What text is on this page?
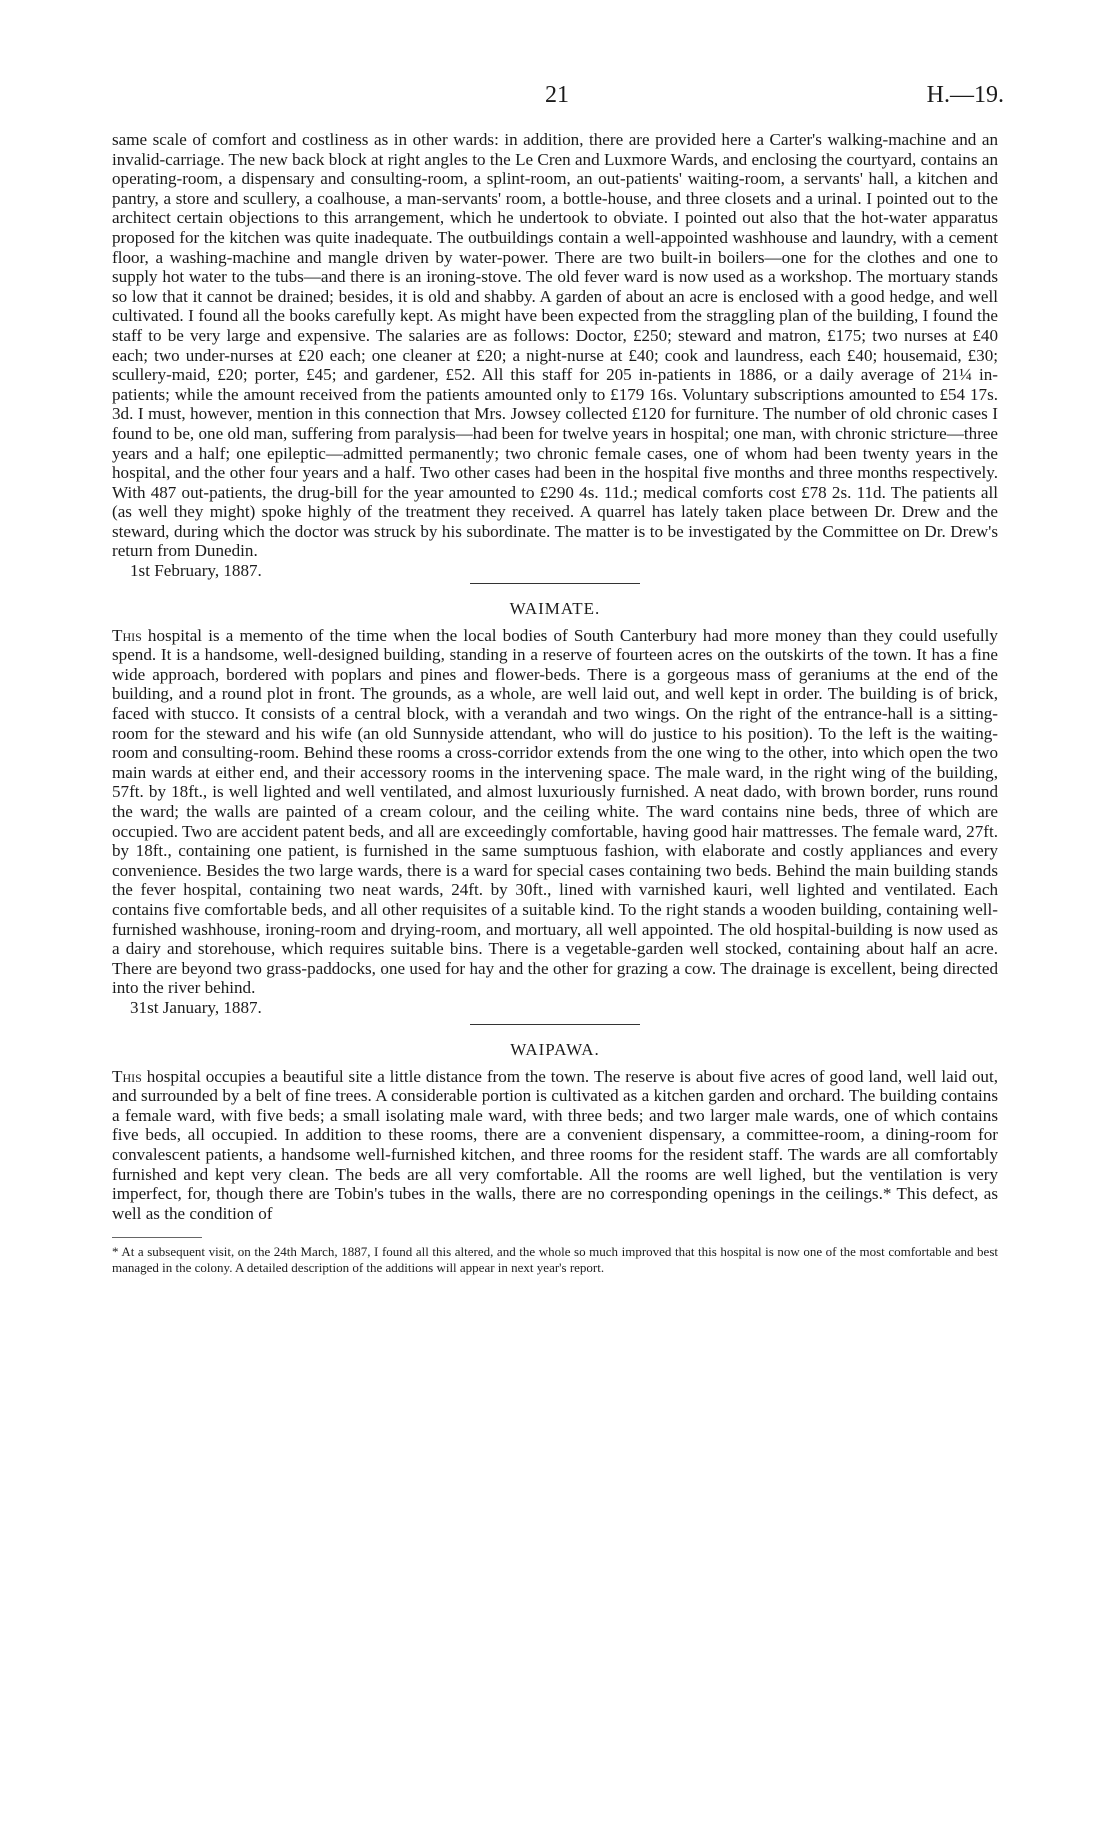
21	H.—19.

same scale of comfort and costliness as in other wards: in addition, there are provided here a Carter's walking-machine and an invalid-carriage. The new back block at right angles to the Le Cren and Luxmore Wards, and enclosing the courtyard, contains an operating-room, a dispensary and consulting-room, a splint-room, an out-patients' waiting-room, a servants' hall, a kitchen and pantry, a store and scullery, a coalhouse, a man-servants' room, a bottle-house, and three closets and a urinal. I pointed out to the architect certain objections to this arrangement, which he undertook to obviate. I pointed out also that the hot-water apparatus proposed for the kitchen was quite inadequate. The outbuildings contain a well-appointed washhouse and laundry, with a cement floor, a washing-machine and mangle driven by water-power. There are two built-in boilers—one for the clothes and one to supply hot water to the tubs—and there is an ironing-stove. The old fever ward is now used as a workshop. The mortuary stands so low that it cannot be drained; besides, it is old and shabby. A garden of about an acre is enclosed with a good hedge, and well cultivated. I found all the books carefully kept. As might have been expected from the straggling plan of the building, I found the staff to be very large and expensive. The salaries are as follows: Doctor, £250; steward and matron, £175; two nurses at £40 each; two under-nurses at £20 each; one cleaner at £20; a night-nurse at £40; cook and laundress, each £40; housemaid, £30; scullery-maid, £20; porter, £45; and gardener, £52. All this staff for 205 in-patients in 1886, or a daily average of 21¼ in-patients; while the amount received from the patients amounted only to £179 16s. Voluntary subscriptions amounted to £54 17s. 3d. I must, however, mention in this connection that Mrs. Jowsey collected £120 for furniture. The number of old chronic cases I found to be, one old man, suffering from paralysis—had been for twelve years in hospital; one man, with chronic stricture—three years and a half; one epileptic—admitted permanently; two chronic female cases, one of whom had been twenty years in the hospital, and the other four years and a half. Two other cases had been in the hospital five months and three months respectively. With 487 out-patients, the drug-bill for the year amounted to £290 4s. 11d.; medical comforts cost £78 2s. 11d. The patients all (as well they might) spoke highly of the treatment they received. A quarrel has lately taken place between Dr. Drew and the steward, during which the doctor was struck by his subordinate. The matter is to be investigated by the Committee on Dr. Drew's return from Dunedin.

1st February, 1887.

WAIMATE.

This hospital is a memento of the time when the local bodies of South Canterbury had more money than they could usefully spend. It is a handsome, well-designed building, standing in a reserve of fourteen acres on the outskirts of the town. It has a fine wide approach, bordered with poplars and pines and flower-beds. There is a gorgeous mass of geraniums at the end of the building, and a round plot in front. The grounds, as a whole, are well laid out, and well kept in order. The building is of brick, faced with stucco. It consists of a central block, with a verandah and two wings. On the right of the entrance-hall is a sitting-room for the steward and his wife (an old Sunnyside attendant, who will do justice to his position). To the left is the waiting-room and consulting-room. Behind these rooms a cross-corridor extends from the one wing to the other, into which open the two main wards at either end, and their accessory rooms in the intervening space. The male ward, in the right wing of the building, 57ft. by 18ft., is well lighted and well ventilated, and almost luxuriously furnished. A neat dado, with brown border, runs round the ward; the walls are painted of a cream colour, and the ceiling white. The ward contains nine beds, three of which are occupied. Two are accident patent beds, and all are exceedingly comfortable, having good hair mattresses. The female ward, 27ft. by 18ft., containing one patient, is furnished in the same sumptuous fashion, with elaborate and costly appliances and every convenience. Besides the two large wards, there is a ward for special cases containing two beds. Behind the main building stands the fever hospital, containing two neat wards, 24ft. by 30ft., lined with varnished kauri, well lighted and ventilated. Each contains five comfortable beds, and all other requisites of a suitable kind. To the right stands a wooden building, containing well-furnished washhouse, ironing-room and drying-room, and mortuary, all well appointed. The old hospital-building is now used as a dairy and storehouse, which requires suitable bins. There is a vegetable-garden well stocked, containing about half an acre. There are beyond two grass-paddocks, one used for hay and the other for grazing a cow. The drainage is excellent, being directed into the river behind.

31st January, 1887.

WAIPAWA.

This hospital occupies a beautiful site a little distance from the town. The reserve is about five acres of good land, well laid out, and surrounded by a belt of fine trees. A considerable portion is cultivated as a kitchen garden and orchard. The building contains a female ward, with five beds; a small isolating male ward, with three beds; and two larger male wards, one of which contains five beds, all occupied. In addition to these rooms, there are a convenient dispensary, a committee-room, a dining-room for convalescent patients, a handsome well-furnished kitchen, and three rooms for the resident staff. The wards are all comfortably furnished and kept very clean. The beds are all very comfortable. All the rooms are well lighed, but the ventilation is very imperfect, for, though there are Tobin's tubes in the walls, there are no corresponding openings in the ceilings.* This defect, as well as the condition of

* At a subsequent visit, on the 24th March, 1887, I found all this altered, and the whole so much improved that this hospital is now one of the most comfortable and best managed in the colony. A detailed description of the additions will appear in next year's report.
